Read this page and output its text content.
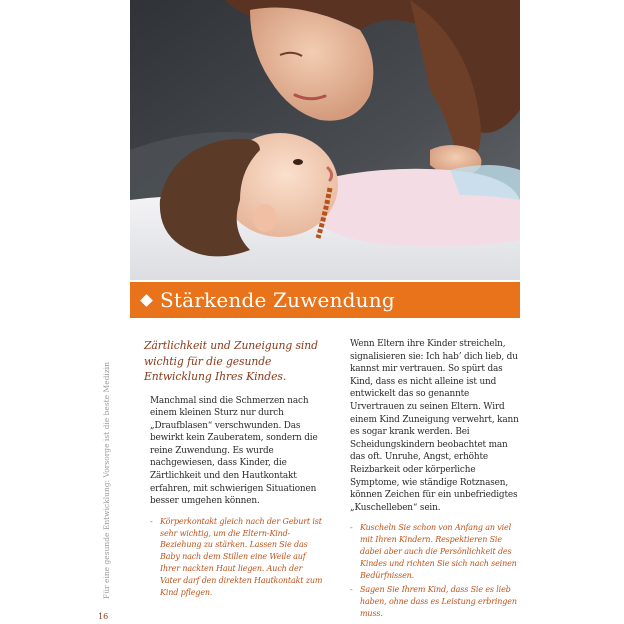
Stärkende Zuwendung
Für eine gesunde Entwicklung: Vorsorge ist die beste Medizin
16

Zärtlichkeit und Zuneigung sind wichtig für die gesunde Entwicklung Ihres Kindes.

Manchmal sind die Schmerzen nach einem kleinen Sturz nur durch „Draufblasen“ verschwunden. Das bewirkt kein Zauberatem, sondern die reine Zuwendung. Es wurde nachgewiesen, dass Kinder, die Zärtlichkeit und den Hautkontakt erfahren, mit schwierigen Situationen besser umgehen können.

- Körperkontakt gleich nach der Geburt ist sehr wichtig, um die Eltern-Kind-Beziehung zu stärken. Lassen Sie das Baby nach dem Stillen eine Weile auf Ihrer nackten Haut liegen. Auch der Vater darf den direkten Hautkontakt zum Kind pflegen.

Wenn Eltern ihre Kinder streicheln, signalisieren sie: Ich hab’ dich lieb, du kannst mir vertrauen. So spürt das Kind, dass es nicht alleine ist und entwickelt das so genannte Urvertrauen zu seinen Eltern. Wird einem Kind Zuneigung verwehrt, kann es sogar krank werden. Bei Scheidungskindern beobachtet man das oft. Unruhe, Angst, erhöhte Reizbarkeit oder körperliche Symptome, wie ständige Rotznasen, können Zeichen für ein unbefriedigtes „Kuschelleben“ sein.

- Kuscheln Sie schon von Anfang an viel mit Ihren Kindern. Respektieren Sie dabei aber auch die Persönlichkeit des Kindes und richten Sie sich nach seinen Bedürfnissen.
- Sagen Sie Ihrem Kind, dass Sie es lieb haben, ohne dass es Leistung erbringen muss.
